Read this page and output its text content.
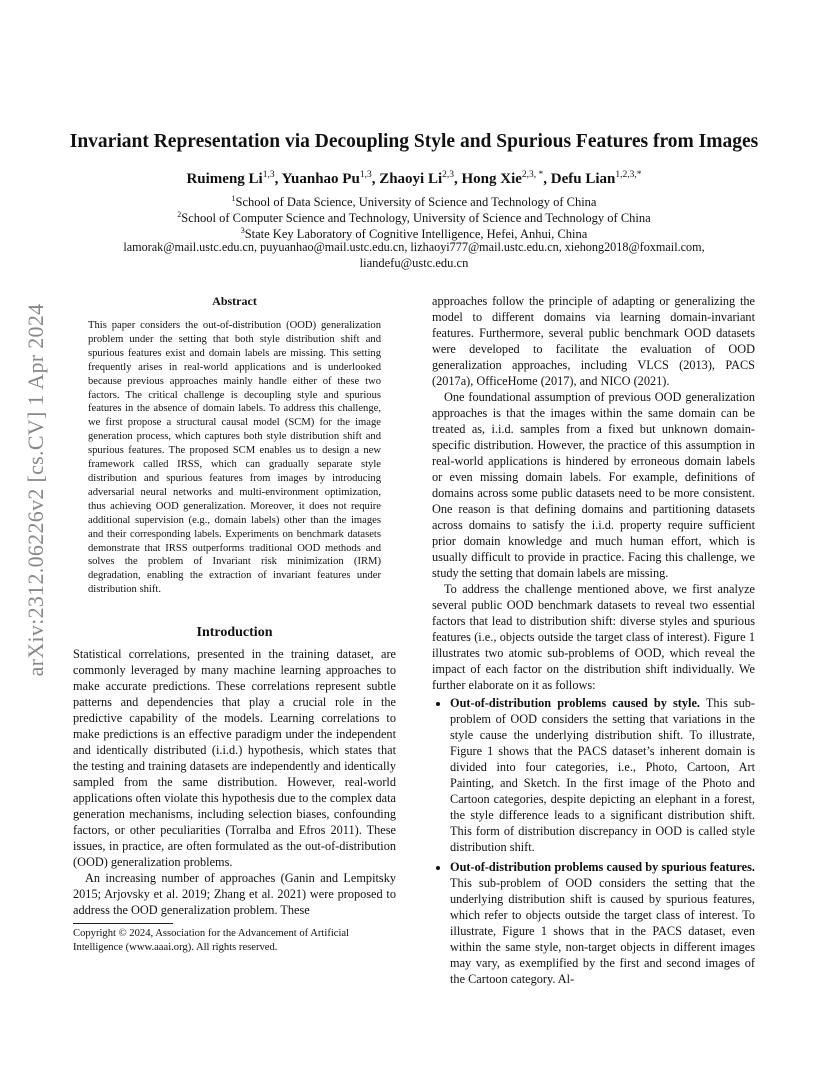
arXiv:2312.06226v2 [cs.CV] 1 Apr 2024
Invariant Representation via Decoupling Style and Spurious Features from Images
Ruimeng Li$^{1,3}$, Yuanhao Pu$^{1,3}$, Zhaoyi Li$^{2,3}$, Hong Xie$^{2,3, *}$, Defu Lian$^{1,2,3,*}$
$^1$School of Data Science, University of Science and Technology of China
$^2$School of Computer Science and Technology, University of Science and Technology of China
$^3$State Key Laboratory of Cognitive Intelligence, Hefei, Anhui, China
lamorak@mail.ustc.edu.cn, puyuanhao@mail.ustc.edu.cn, lizhaoyi777@mail.ustc.edu.cn, xiehong2018@foxmail.com,
liandefu@ustc.edu.cn
Abstract
This paper considers the out-of-distribution (OOD) generalization problem under the setting that both style distribution shift and spurious features exist and domain labels are missing. This setting frequently arises in real-world applications and is underlooked because previous approaches mainly handle either of these two factors. The critical challenge is decoupling style and spurious features in the absence of domain labels. To address this challenge, we first propose a structural causal model (SCM) for the image generation process, which captures both style distribution shift and spurious features. The proposed SCM enables us to design a new framework called IRSS, which can gradually separate style distribution and spurious features from images by introducing adversarial neural networks and multi-environment optimization, thus achieving OOD generalization. Moreover, it does not require additional supervision (e.g., domain labels) other than the images and their corresponding labels. Experiments on benchmark datasets demonstrate that IRSS outperforms traditional OOD methods and solves the problem of Invariant risk minimization (IRM) degradation, enabling the extraction of invariant features under distribution shift.
Introduction

Statistical correlations, presented in the training dataset, are commonly leveraged by many machine learning approaches to make accurate predictions. These correlations represent subtle patterns and dependencies that play a crucial role in the predictive capability of the models. Learning correlations to make predictions is an effective paradigm under the independent and identically distributed (i.i.d.) hypothesis, which states that the testing and training datasets are independently and identically sampled from the same distribution. However, real-world applications often violate this hypothesis due to the complex data generation mechanisms, including selection biases, confounding factors, or other peculiarities (Torralba and Efros 2011). These issues, in practice, are often formulated as the out-of-distribution (OOD) generalization problems.

An increasing number of approaches (Ganin and Lempitsky 2015; Arjovsky et al. 2019; Zhang et al. 2021) were proposed to address the OOD generalization problem. These

Copyright © 2024, Association for the Advancement of Artificial Intelligence (www.aaai.org). All rights reserved.

approaches follow the principle of adapting or generalizing the model to different domains via learning domain-invariant features. Furthermore, several public benchmark OOD datasets were developed to facilitate the evaluation of OOD generalization approaches, including VLCS (2013), PACS (2017a), OfficeHome (2017), and NICO (2021).

One foundational assumption of previous OOD generalization approaches is that the images within the same domain can be treated as, i.i.d. samples from a fixed but unknown domain-specific distribution. However, the practice of this assumption in real-world applications is hindered by erroneous domain labels or even missing domain labels. For example, definitions of domains across some public datasets need to be more consistent. One reason is that defining domains and partitioning datasets across domains to satisfy the i.i.d. property require sufficient prior domain knowledge and much human effort, which is usually difficult to provide in practice. Facing this challenge, we study the setting that domain labels are missing.

To address the challenge mentioned above, we first analyze several public OOD benchmark datasets to reveal two essential factors that lead to distribution shift: diverse styles and spurious features (i.e., objects outside the target class of interest). Figure 1 illustrates two atomic sub-problems of OOD, which reveal the impact of each factor on the distribution shift individually. We further elaborate on it as follows:

• Out-of-distribution problems caused by style. This sub-problem of OOD considers the setting that variations in the style cause the underlying distribution shift. To illustrate, Figure 1 shows that the PACS dataset’s inherent domain is divided into four categories, i.e., Photo, Cartoon, Art Painting, and Sketch. In the first image of the Photo and Cartoon categories, despite depicting an elephant in a forest, the style difference leads to a significant distribution shift. This form of distribution discrepancy in OOD is called style distribution shift.
• Out-of-distribution problems caused by spurious features. This sub-problem of OOD considers the setting that the underlying distribution shift is caused by spurious features, which refer to objects outside the target class of interest. To illustrate, Figure 1 shows that in the PACS dataset, even within the same style, non-target objects in different images may vary, as exemplified by the first and second images of the Cartoon category. Al-
